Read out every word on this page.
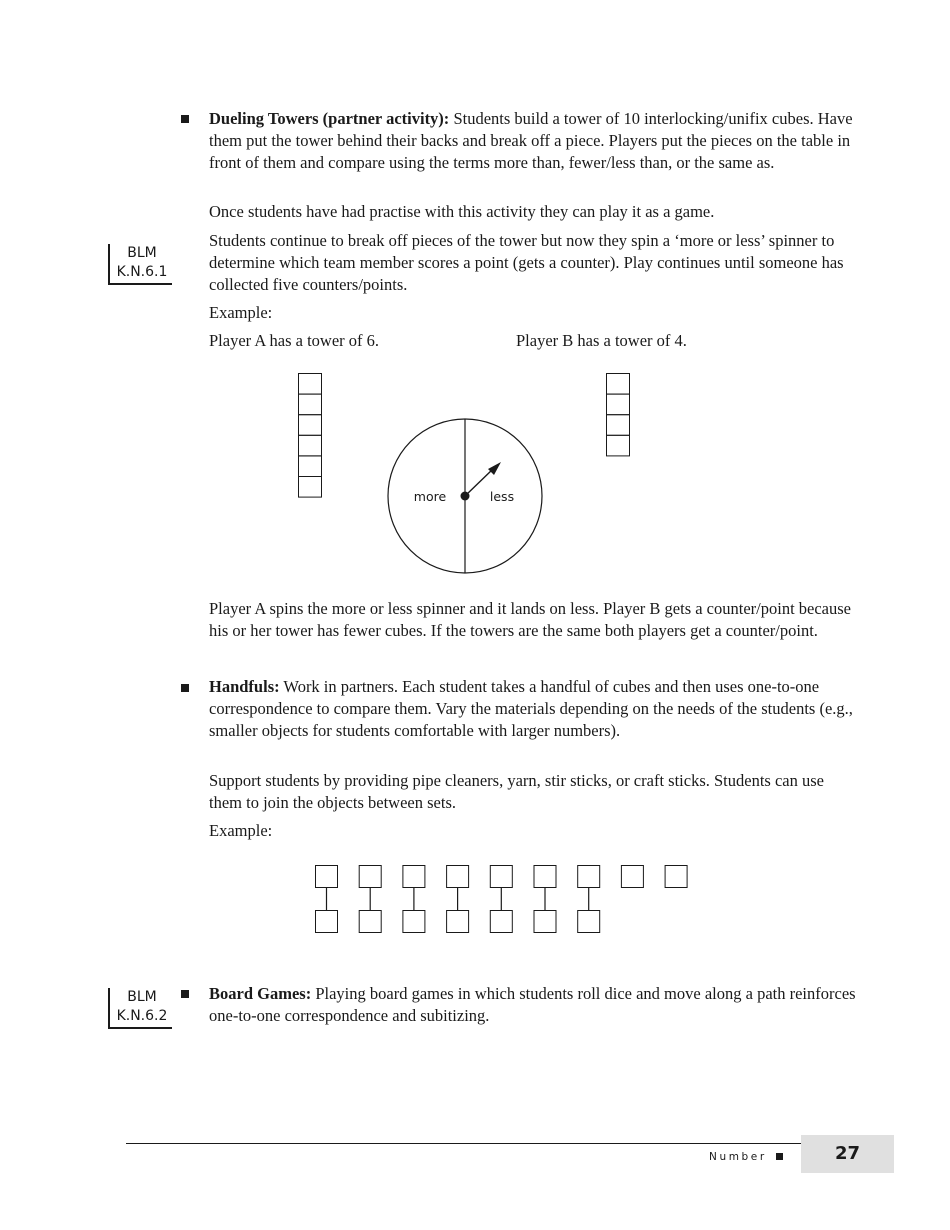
Dueling Towers (partner activity): Students build a tower of 10 interlocking/unifix cubes. Have them put the tower behind their backs and break off a piece. Players put the pieces on the table in front of them and compare using the terms more than, fewer/less than, or the same as.

Once students have had practise with this activity they can play it as a game.

BLM
K.N.6.1

Students continue to break off pieces of the tower but now they spin a ‘more or less’ spinner to determine which team member scores a point (gets a counter). Play continues until someone has collected five counters/points.

Example:

Player A has a tower of 6.	Player B has a tower of 4.

more	less

Player A spins the more or less spinner and it lands on less. Player B gets a counter/point because his or her tower has fewer cubes. If the towers are the same both players get a counter/point.

Handfuls: Work in partners. Each student takes a handful of cubes and then uses one-to-one correspondence to compare them. Vary the materials depending on the needs of the students (e.g., smaller objects for students comfortable with larger numbers).

Support students by providing pipe cleaners, yarn, stir sticks, or craft sticks. Students can use them to join the objects between sets.

Example:

BLM
K.N.6.2

Board Games: Playing board games in which students roll dice and move along a path reinforces one-to-one correspondence and subitizing.

Number	27
